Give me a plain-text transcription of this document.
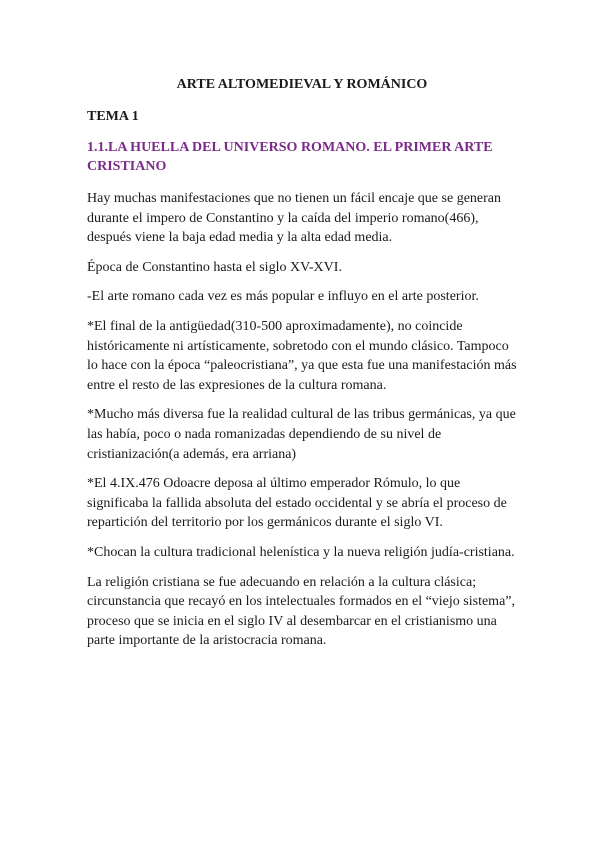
ARTE ALTOMEDIEVAL Y ROMÁNICO
TEMA 1
1.1.LA HUELLA DEL UNIVERSO ROMANO. EL PRIMER ARTE CRISTIANO

Hay muchas manifestaciones que no tienen un fácil encaje que se generan durante el impero de Constantino y la caída del imperio romano(466), después viene la baja edad media y la alta edad media.

Época de Constantino hasta el siglo XV-XVI.

-El arte romano cada vez es más popular e influyo en el arte posterior.

*El final de la antigüedad(310-500 aproximadamente), no coincide históricamente ni artísticamente, sobretodo con el mundo clásico. Tampoco lo hace con la época “paleocristiana”, ya que esta fue una manifestación más entre el resto de las expresiones de la cultura romana.

*Mucho más diversa fue la realidad cultural de las tribus germánicas, ya que las había, poco o nada romanizadas dependiendo de su nivel de cristianización(a además, era arriana)

*El 4.IX.476 Odoacre deposa al último emperador Rómulo, lo que significaba la fallida absoluta del estado occidental y se abría el proceso de repartición del territorio por los germánicos durante el siglo VI.

*Chocan la cultura tradicional helenística y la nueva religión judía-cristiana.

La religión cristiana se fue adecuando en relación a la cultura clásica; circunstancia que recayó en los intelectuales formados en el “viejo sistema”, proceso que se inicia en el siglo IV al desembarcar en el cristianismo una parte importante de la aristocracia romana.
